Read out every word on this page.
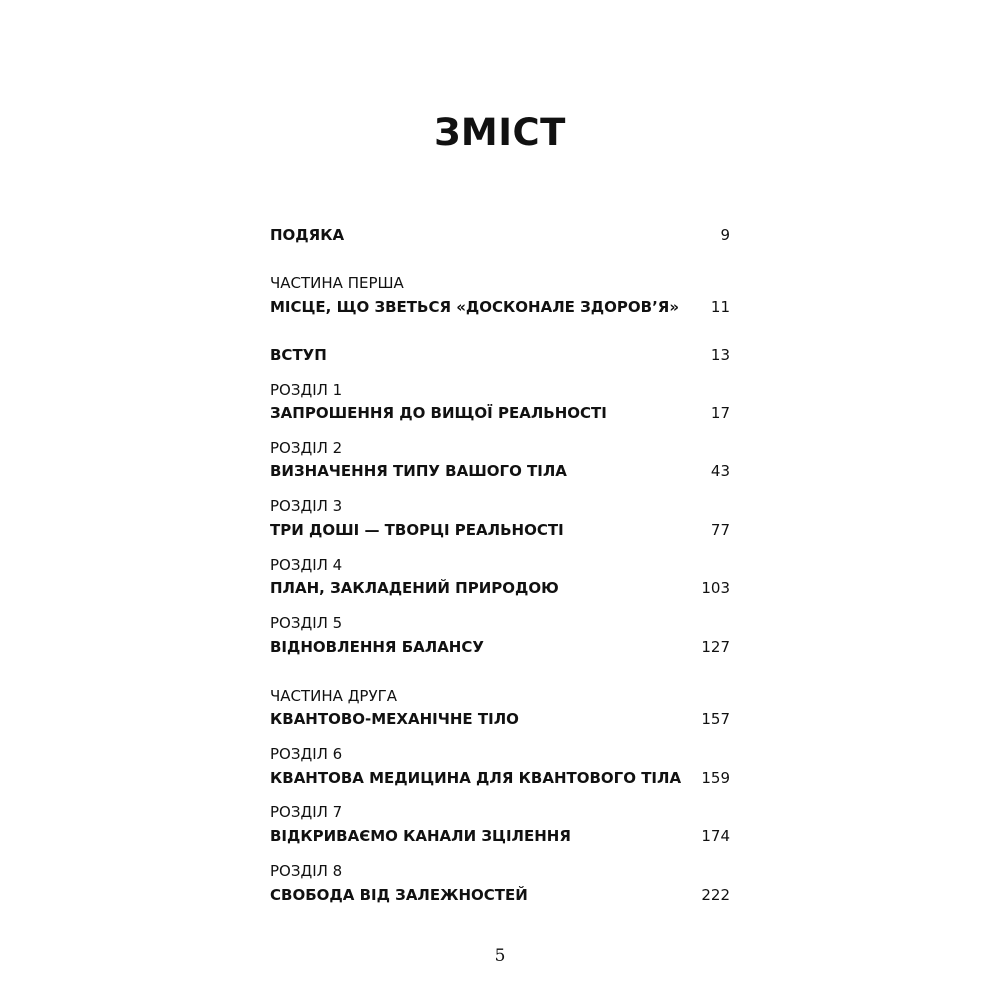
ЗМІСТ
ПОДЯКА	9
ЧАСТИНА ПЕРША
МІСЦЕ, ЩО ЗВЕТЬСЯ «ДОСКОНАЛЕ ЗДОРОВ’Я»	11
ВСТУП	13
РОЗДІЛ 1
ЗАПРОШЕННЯ ДО ВИЩОЇ РЕАЛЬНОСТІ	17
РОЗДІЛ 2
ВИЗНАЧЕННЯ ТИПУ ВАШОГО ТІЛА	43
РОЗДІЛ 3
ТРИ ДОШІ — ТВОРЦІ РЕАЛЬНОСТІ	77
РОЗДІЛ 4
ПЛАН, ЗАКЛАДЕНИЙ ПРИРОДОЮ	103
РОЗДІЛ 5
ВІДНОВЛЕННЯ БАЛАНСУ	127
ЧАСТИНА ДРУГА
КВАНТОВО-МЕХАНІЧНЕ ТІЛО	157
РОЗДІЛ 6
КВАНТОВА МЕДИЦИНА ДЛЯ КВАНТОВОГО ТІЛА	159
РОЗДІЛ 7
ВІДКРИВАЄМО КАНАЛИ ЗЦІЛЕННЯ	174
РОЗДІЛ 8
СВОБОДА ВІД ЗАЛЕЖНОСТЕЙ	222
5
